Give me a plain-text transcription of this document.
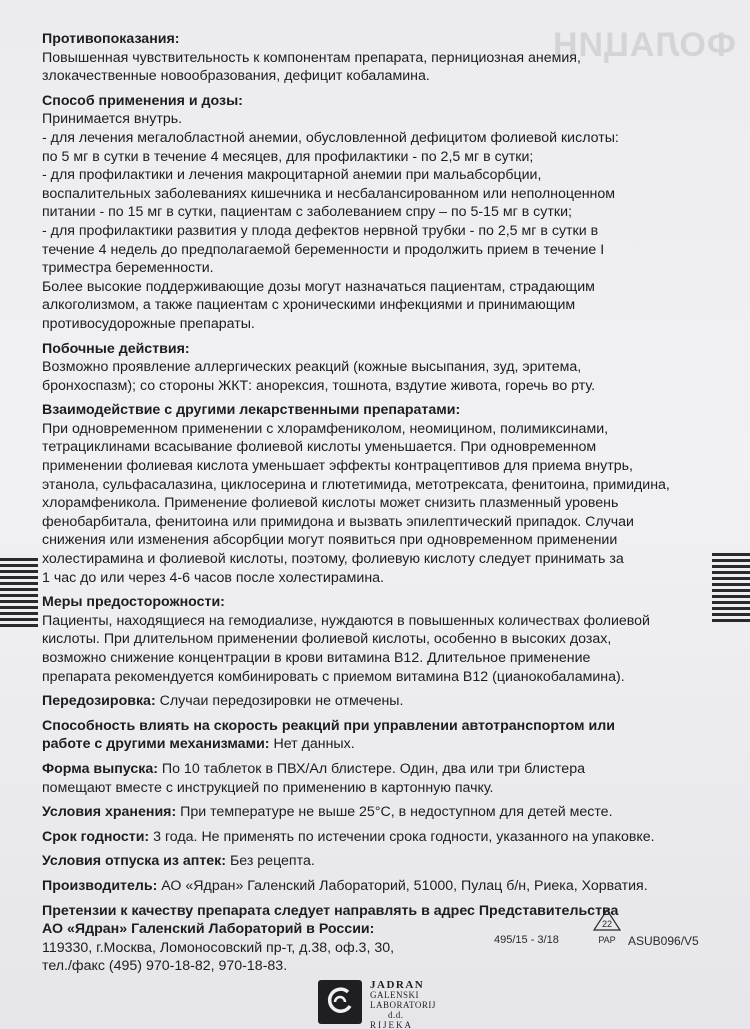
ФОЛАЦИН
Противопоказания:
Повышенная чувствительность к компонентам препарата, пернициозная анемия,
злокачественные новообразования, дефицит кобаламина.
Способ применения и дозы:
Принимается внутрь.
- для лечения мегалобластной анемии, обусловленной дефицитом фолиевой кислоты:
по 5 мг в сутки в течение 4 месяцев, для профилактики - по 2,5 мг в сутки;
- для профилактики и лечения макроцитарной анемии при мальабсорбции,
воспалительных заболеваниях кишечника и несбалансированном или неполноценном
питании - по 15 мг в сутки, пациентам с заболеванием спру – по 5-15 мг в сутки;
- для профилактики развития у плода дефектов нервной трубки - по 2,5 мг в сутки в
течение 4 недель до предполагаемой беременности и продолжить прием в течение I
триместра беременности.
Более высокие поддерживающие дозы могут назначаться пациентам, страдающим
алкоголизмом, а также пациентам с хроническими инфекциями и принимающим
противосудорожные препараты.
Побочные действия:
Возможно проявление аллергических реакций (кожные высыпания, зуд, эритема,
бронхоспазм); со стороны ЖКТ: анорексия, тошнота, вздутие живота, горечь во рту.
Взаимодействие с другими лекарственными препаратами:
При одновременном применении с хлорамфениколом, неомицином, полимиксинами,
тетрациклинами всасывание фолиевой кислоты уменьшается. При одновременном
применении фолиевая кислота уменьшает эффекты контрацептивов для приема внутрь,
этанола, сульфасалазина, циклосерина и глютетимида, метотрексата, фенитоина, примидина,
хлорамфеникола. Применение фолиевой кислоты может снизить плазменный уровень
фенобарбитала, фенитоина или примидона и вызвать эпилептический припадок. Случаи
снижения или изменения абсорбции могут появиться при одновременном применении
холестирамина и фолиевой кислоты, поэтому, фолиевую кислоту следует принимать за
1 час до или через 4-6 часов после холестирамина.
Меры предосторожности:
Пациенты, находящиеся на гемодиализе, нуждаются в повышенных количествах фолиевой
кислоты. При длительном применении фолиевой кислоты, особенно в высоких дозах,
возможно снижение концентрации в крови витамина В12. Длительное применение
препарата рекомендуется комбинировать с приемом витамина В12 (цианокобаламина).
Передозировка: Случаи передозировки не отмечены.
Способность влиять на скорость реакций при управлении автотранспортом или
работе с другими механизмами: Нет данных.
Форма выпуска: По 10 таблеток в ПВХ/Ал блистере. Один, два или три блистера
помещают вместе с инструкцией по применению в картонную пачку.
Условия хранения: При температуре не выше 25°С, в недоступном для детей месте.
Срок годности: 3 года. Не применять по истечении срока годности, указанного на упаковке.
Условия отпуска из аптек: Без рецепта.
Производитель: АО «Ядран» Галенский Лабораторий, 51000, Пулац б/н, Риека, Хорватия.
Претензии к качеству препарата следует направлять в адрес Представительства
АО «Ядран» Галенский Лабораторий в России:
119330, г.Москва, Ломоносовский пр-т, д.38, оф.3, 30,
тел./факс (495) 970-18-82, 970-18-83.
495/15 - 3/18
22
PAP	ASUB096/V5
JADRAN
GALENSKI
LABORATORIJ
d.d.
RIJEKA
